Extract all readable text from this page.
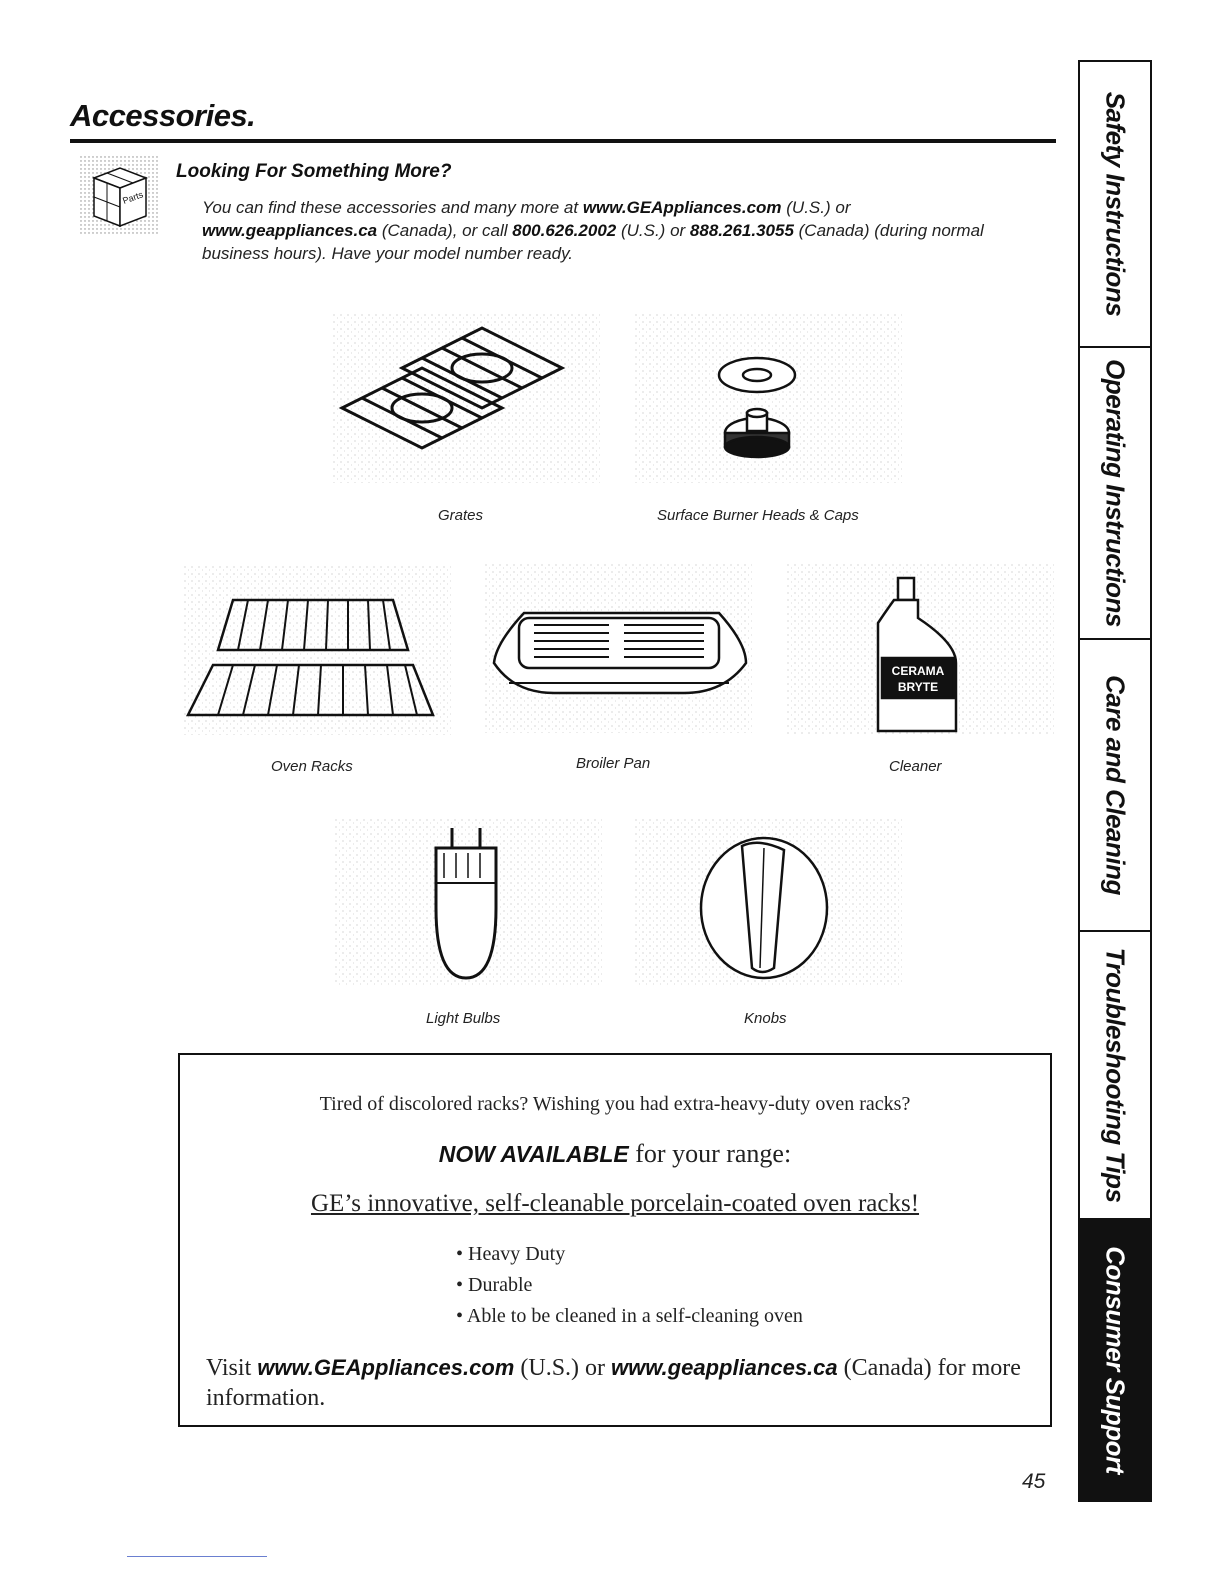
Accessories.
Parts
Looking For Something More?
You can find these accessories and many more at www.GEAppliances.com (U.S.) or www.geappliances.ca (Canada), or call 800.626.2002 (U.S.) or 888.261.3055 (Canada) (during normal business hours). Have your model number ready.
Grates	Surface Burner Heads & Caps
Oven Racks	Broiler Pan
CERAMA
BRYTE
Cleaner
Light Bulbs	Knobs
Tired of discolored racks? Wishing you had extra-heavy-duty oven racks?
NOW AVAILABLE for your range:
GE’s innovative, self-cleanable porcelain-coated oven racks!
• Heavy Duty
• Durable
• Able to be cleaned in a self-cleaning oven
Visit www.GEAppliances.com (U.S.) or www.geappliances.ca (Canada) for more information.
45
Safety Instructions
Operating Instructions
Care and Cleaning
Troubleshooting Tips
Consumer Support
